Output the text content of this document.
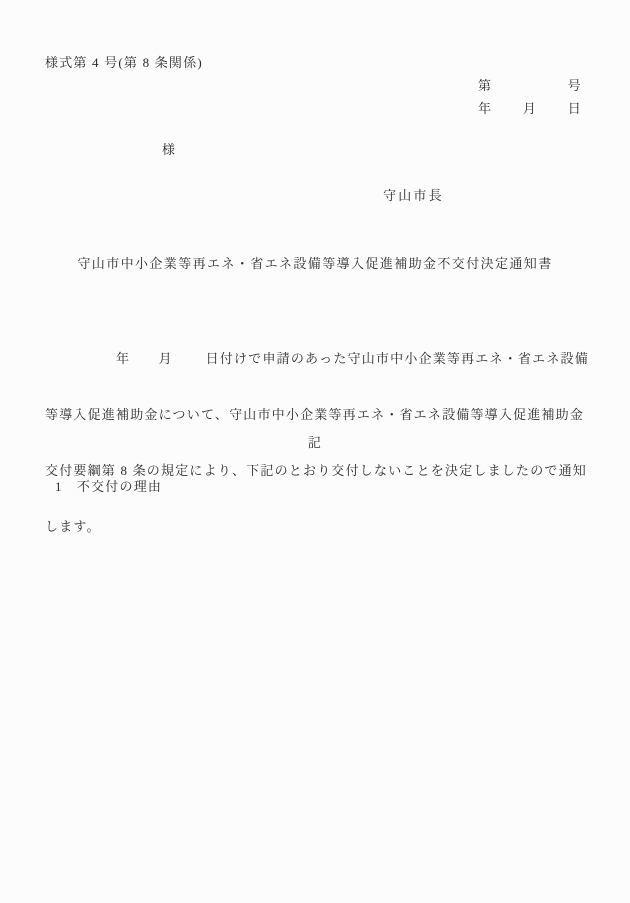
様式第 4 号(第 8 条関係)
第	号
年 月 日
様
守山市長
守山市中小企業等再エネ・省エネ設備等導入促進補助金不交付決定通知書

　　　　　年　　月　　 日付けで申請のあった守山市中小企業等再エネ・省エネ設備

等導入促進補助金について、守山市中小企業等再エネ・省エネ設備等導入促進補助金

交付要綱第 8 条の規定により、下記のとおり交付しないことを決定しましたので通知

します。

記
1　不交付の理由
